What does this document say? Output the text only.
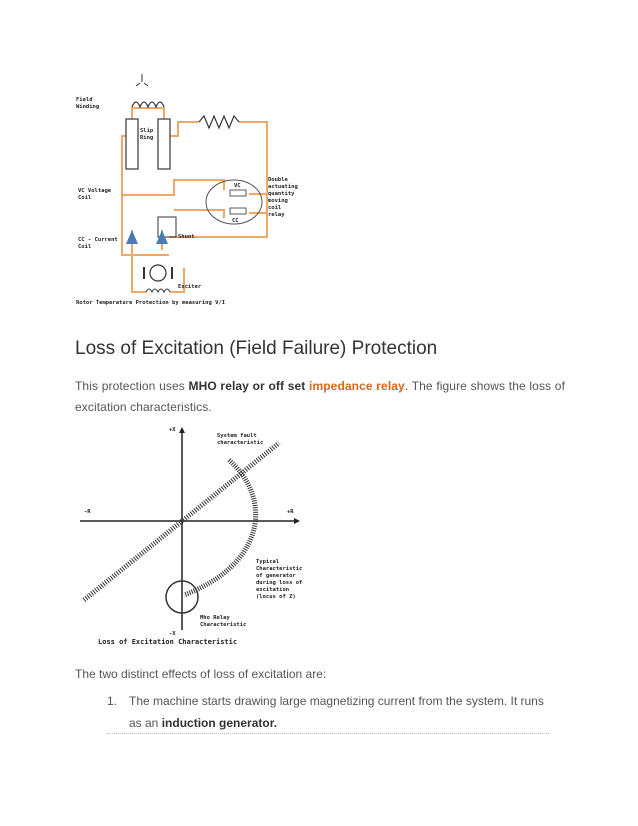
Field
Winding
Slip
Ring
VC Voltage
Coil
Double
actuating
quantity
moving
coil
relay
VC
CC
CC - Current
Coil
Shunt
Exciter
Rotor Temperature Protection by measuring V/I
Loss of Excitation (Field Failure) Protection

This protection uses MHO relay or off set impedance relay. The figure shows the loss of excitation characteristics.

+X
-X
+R
-R
System fault
characteristic
Typical
Characteristic
of generator
during loss of
excitation
(locus of Z)
Mho Relay
Characteristic
Loss of Excitation Characteristic

The two distinct effects of loss of excitation are:

1. The machine starts drawing large magnetizing current from the system. It runs as an induction generator.
